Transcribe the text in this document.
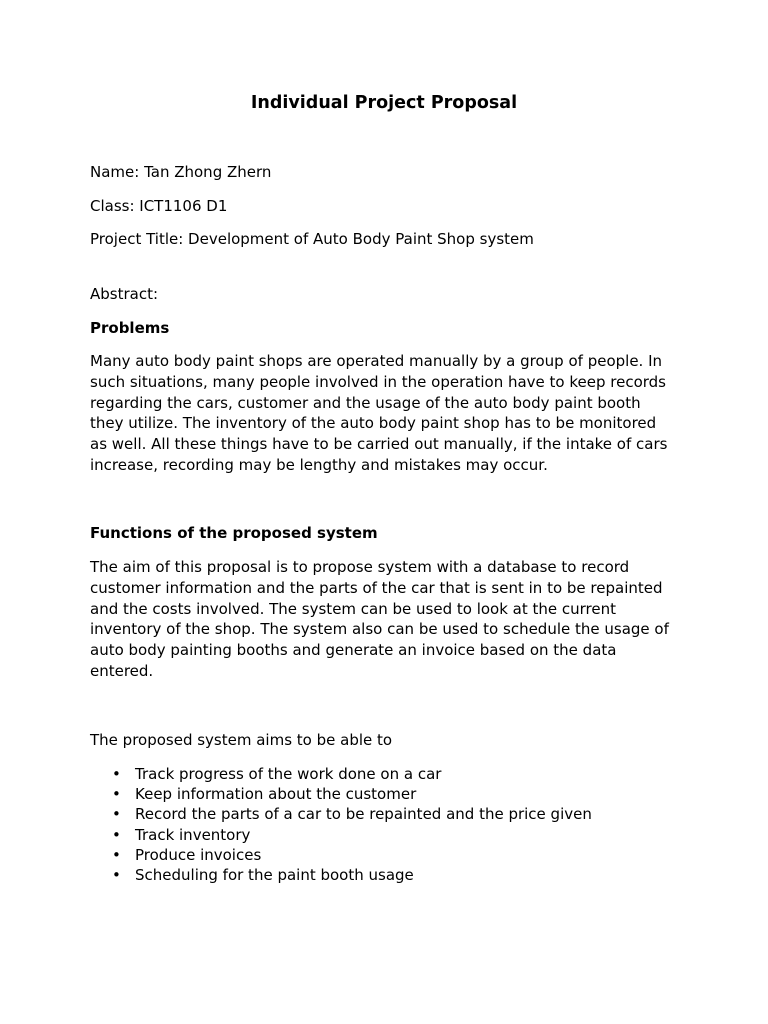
Individual Project Proposal
Name: Tan Zhong Zhern
Class: ICT1106 D1
Project Title: Development of Auto Body Paint Shop system
Abstract:
Problems
Many auto body paint shops are operated manually by a group of people. In
such situations, many people involved in the operation have to keep records
regarding the cars, customer and the usage of the auto body paint booth
they utilize. The inventory of the auto body paint shop has to be monitored
as well. All these things have to be carried out manually, if the intake of cars
increase, recording may be lengthy and mistakes may occur.
Functions of the proposed system
The aim of this proposal is to propose system with a database to record
customer information and the parts of the car that is sent in to be repainted
and the costs involved. The system can be used to look at the current
inventory of the shop. The system also can be used to schedule the usage of
auto body painting booths and generate an invoice based on the data
entered.
The proposed system aims to be able to
• Track progress of the work done on a car
• Keep information about the customer
• Record the parts of a car to be repainted and the price given
• Track inventory
• Produce invoices
• Scheduling for the paint booth usage
